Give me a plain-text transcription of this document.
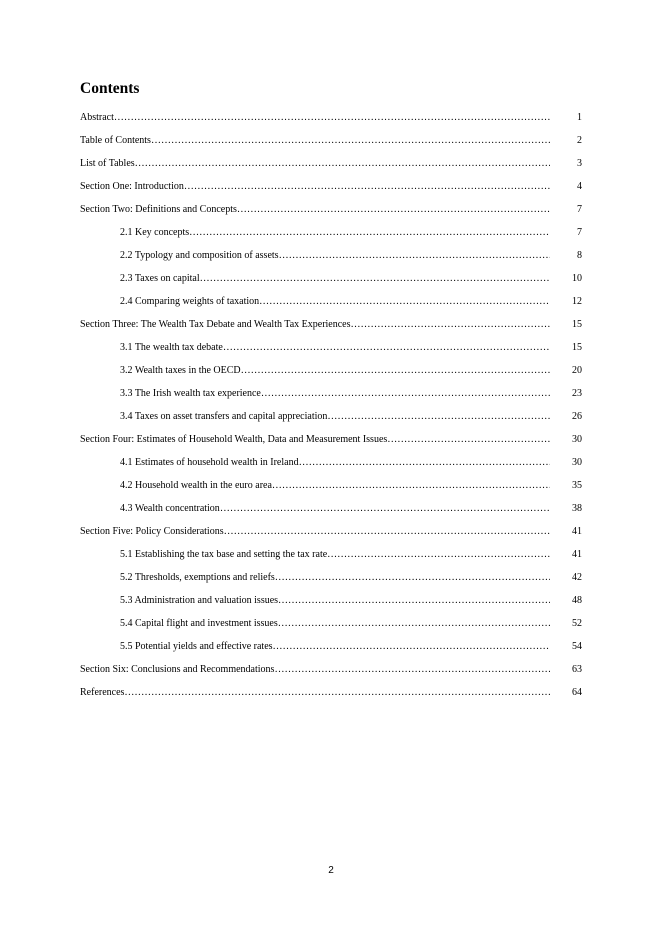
Contents
Abstract ………………………………………………………………………………………………………………………………………………………………	1
Table of Contents ………………………………………………………………………………………………………………………………………………………………	2
List of Tables ………………………………………………………………………………………………………………………………………………………………	3
Section One: Introduction ………………………………………………………………………………………………………………………………………………………………	4
Section Two: Definitions and Concepts ………………………………………………………………………………………………………………………………………………………………	7
2.1 Key concepts ………………………………………………………………………………………………………………………………………………………………	7
2.2 Typology and composition of assets ………………………………………………………………………………………………………………………………………………………………	8
2.3 Taxes on capital ………………………………………………………………………………………………………………………………………………………………	10
2.4 Comparing weights of taxation ………………………………………………………………………………………………………………………………………………………………	12
Section Three: The Wealth Tax Debate and Wealth Tax Experiences ………………………………………………………………………………………………………………………………………………………………	15
3.1 The wealth tax debate ………………………………………………………………………………………………………………………………………………………………	15
3.2 Wealth taxes in the OECD ………………………………………………………………………………………………………………………………………………………………	20
3.3 The Irish wealth tax experience ………………………………………………………………………………………………………………………………………………………………	23
3.4 Taxes on asset transfers and capital appreciation ………………………………………………………………………………………………………………………………………………………………	26
Section Four: Estimates of Household Wealth, Data and Measurement Issues ………………………………………………………………………………………………………………………………………………………………	30
4.1 Estimates of household wealth in Ireland ………………………………………………………………………………………………………………………………………………………………	30
4.2 Household wealth in the euro area ………………………………………………………………………………………………………………………………………………………………	35
4.3 Wealth concentration ………………………………………………………………………………………………………………………………………………………………	38
Section Five: Policy Considerations ………………………………………………………………………………………………………………………………………………………………	41
5.1 Establishing the tax base and setting the tax rate ………………………………………………………………………………………………………………………………………………………………	41
5.2 Thresholds, exemptions and reliefs ………………………………………………………………………………………………………………………………………………………………	42
5.3 Administration and valuation issues ………………………………………………………………………………………………………………………………………………………………	48
5.4 Capital flight and investment issues ………………………………………………………………………………………………………………………………………………………………	52
5.5 Potential yields and effective rates ………………………………………………………………………………………………………………………………………………………………	54
Section Six: Conclusions and Recommendations ………………………………………………………………………………………………………………………………………………………………	63
References ………………………………………………………………………………………………………………………………………………………………	64
2
